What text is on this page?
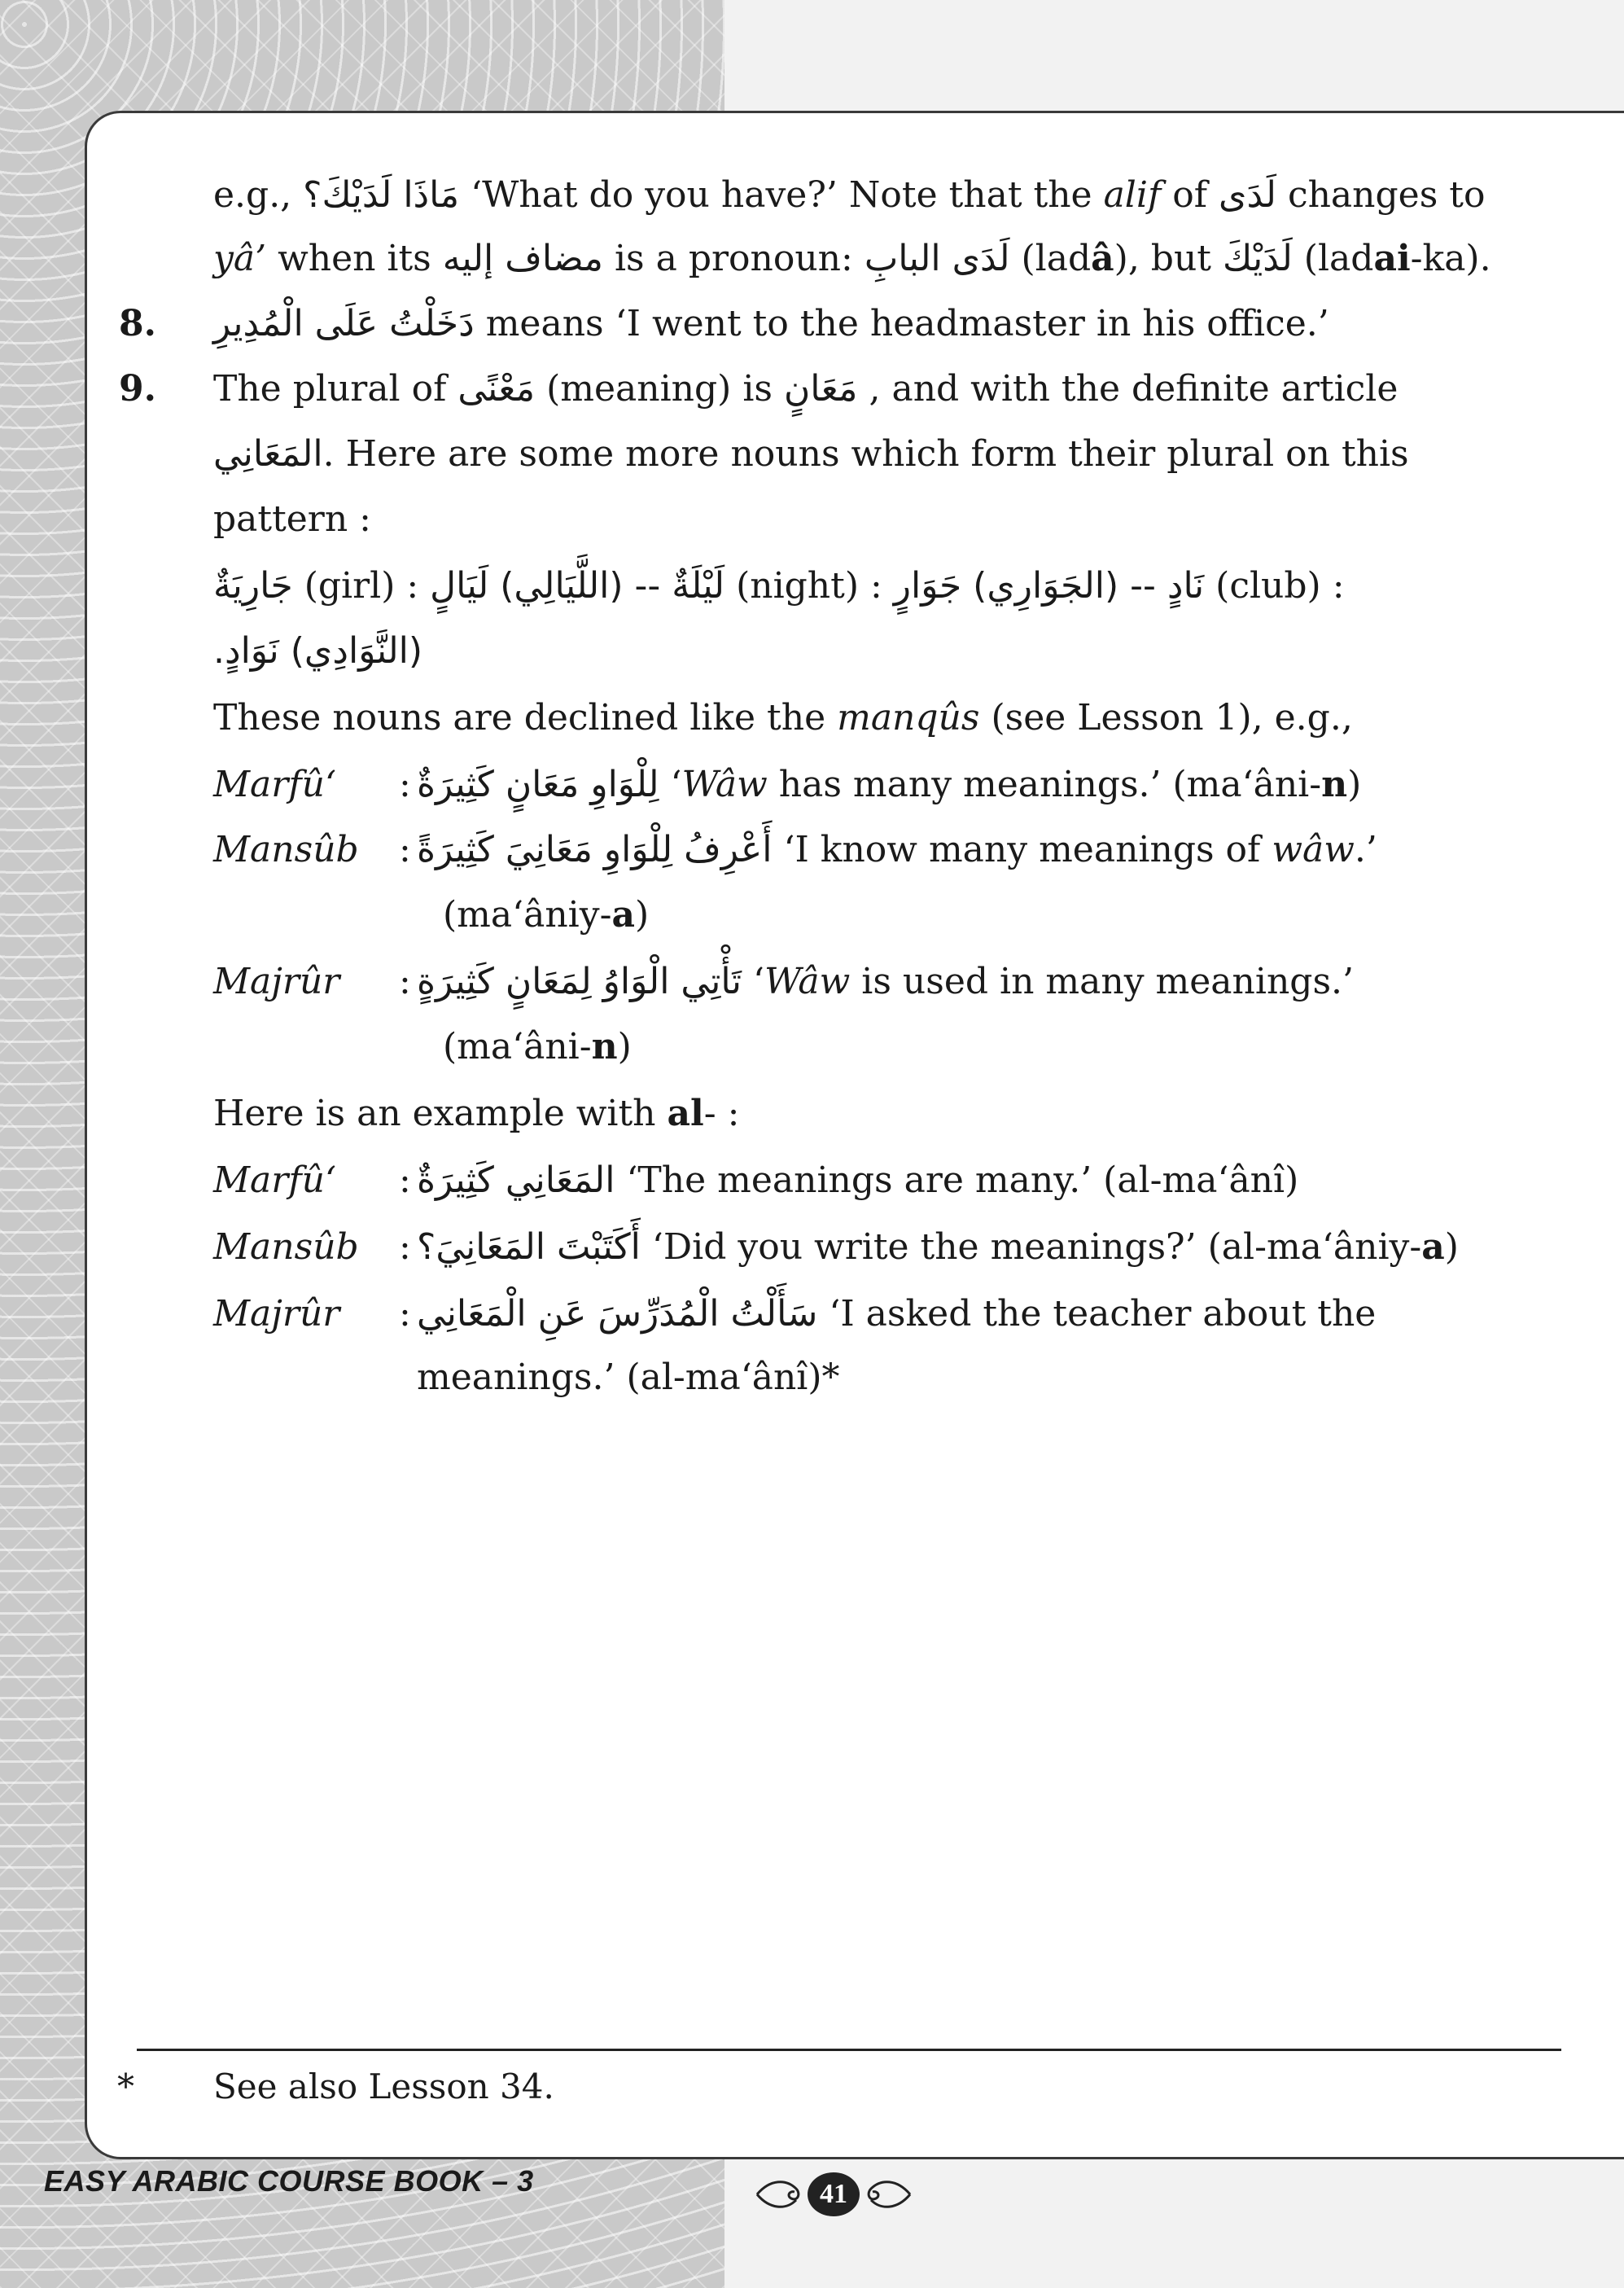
e.g., مَاذَا لَدَيْكَ؟ ‘What do you have?’ Note that the alif of لَدَى changes to
yâ’ when its مضاف إليه is a pronoun: لَدَى البابِ (ladâ), but لَدَيْكَ (ladai-ka).
8. دَخَلْتُ عَلَى الْمُدِيرِ means ‘I went to the headmaster in his office.’
9. The plural of مَعْنًى (meaning) is مَعَانٍ , and with the definite article
المَعَانِي. Here are some more nouns which form their plural on this
pattern :
جَارِيَةٌ (girl) : لَيْلَةٌ -- (اللَّيَالِي) لَيَالٍ (night) : نَادٍ -- (الجَوَارِي) جَوَارٍ (club) :
(النَّوَادِي) نَوَادٍ.
These nouns are declined like the manqûs (see Lesson 1), e.g.,
Marfû‘ : لِلْوَاوِ مَعَانٍ كَثِيرَةٌ ‘Wâw has many meanings.’ (ma‘âni-n)
Mansûb : أَعْرِفُ لِلْوَاوِ مَعَانِيَ كَثِيرَةً ‘I know many meanings of wâw.’
(ma‘âniy-a)
Majrûr : تَأْتِي الْوَاوُ لِمَعَانٍ كَثِيرَةٍ ‘Wâw is used in many meanings.’
(ma‘âni-n)
Here is an example with al- :
Marfû‘ : المَعَانِي كَثِيرَةٌ ‘The meanings are many.’ (al-ma‘ânî)
Mansûb : أَكَتَبْتَ المَعَانِيَ؟ ‘Did you write the meanings?’ (al-ma‘âniy-a)
Majrûr : سَأَلْتُ الْمُدَرِّسَ عَنِ الْمَعَانِي ‘I asked the teacher about the
meanings.’ (al-ma‘ânî)*
* See also Lesson 34.
EASY ARABIC COURSE BOOK – 3	41
